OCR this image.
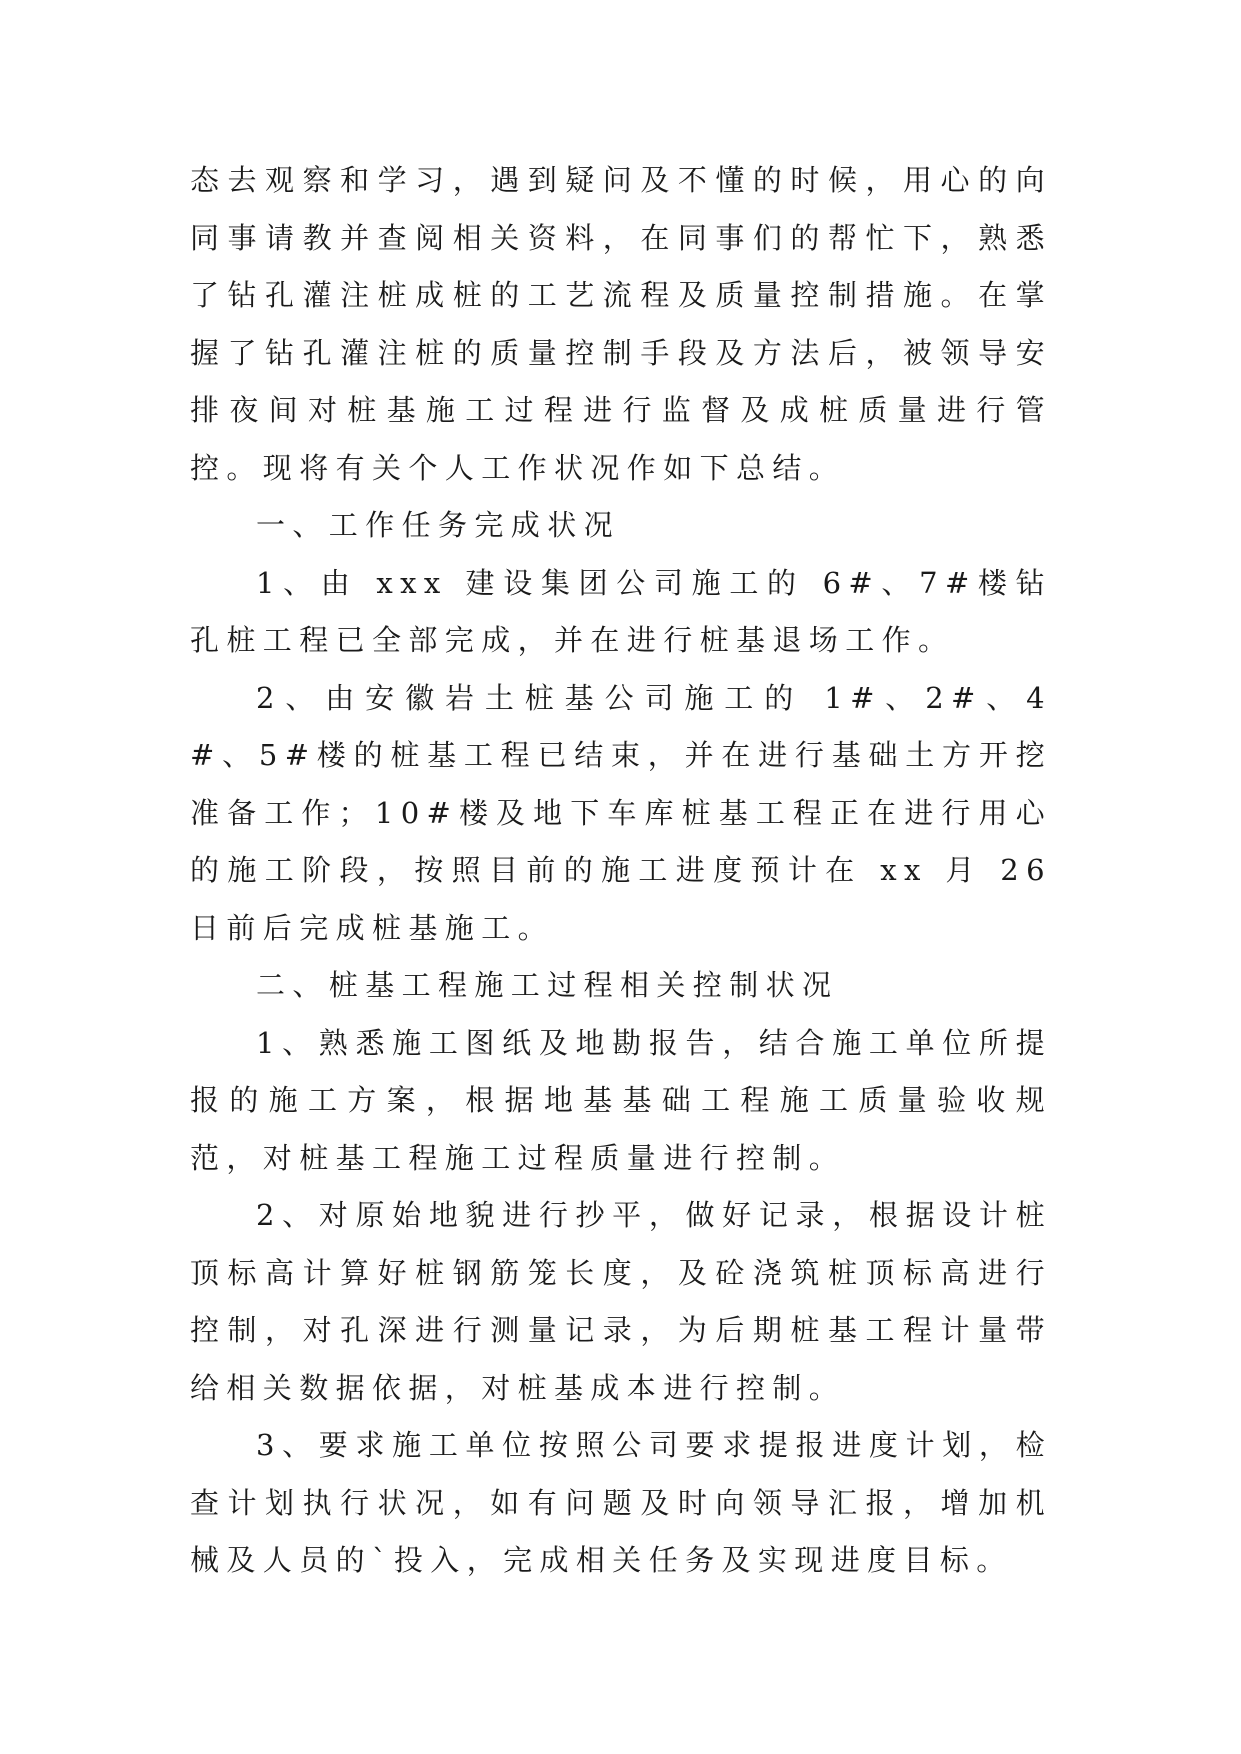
态去观察和学习，遇到疑问及不懂的时候，用心的向同事请教并查阅相关资料，在同事们的帮忙下，熟悉了钻孔灌注桩成桩的工艺流程及质量控制措施。在掌握了钻孔灌注桩的质量控制手段及方法后，被领导安排夜间对桩基施工过程进行监督及成桩质量进行管控。现将有关个人工作状况作如下总结。

一、工作任务完成状况

1、由 xxx 建设集团公司施工的 6#、7#楼钻孔桩工程已全部完成，并在进行桩基退场工作。

2、由安徽岩土桩基公司施工的 1#、2#、4#、5#楼的桩基工程已结束，并在进行基础土方开挖准备工作；10#楼及地下车库桩基工程正在进行用心的施工阶段，按照目前的施工进度预计在 xx 月 26 日前后完成桩基施工。

二、桩基工程施工过程相关控制状况

1、熟悉施工图纸及地勘报告，结合施工单位所提报的施工方案，根据地基基础工程施工质量验收规范，对桩基工程施工过程质量进行控制。

2、对原始地貌进行抄平，做好记录，根据设计桩顶标高计算好桩钢筋笼长度，及砼浇筑桩顶标高进行控制，对孔深进行测量记录，为后期桩基工程计量带给相关数据依据，对桩基成本进行控制。

3、要求施工单位按照公司要求提报进度计划，检查计划执行状况，如有问题及时向领导汇报，增加机械及人员的`投入，完成相关任务及实现进度目标。
